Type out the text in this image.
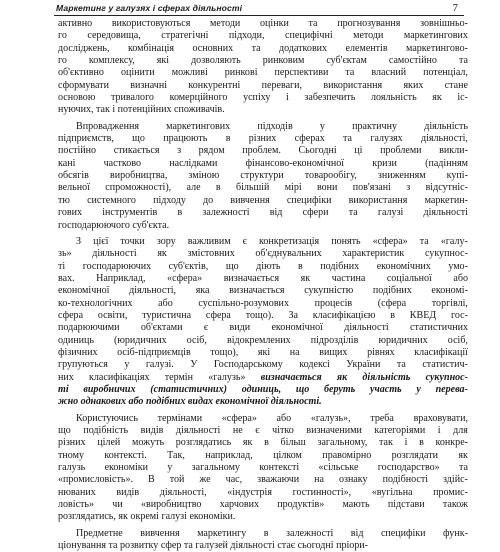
Маркетинг у галузях і сферах діяльності	7
активно використовуються методи оцінки та прогнозування зовнішньо-
го середовища, стратегічні підходи, специфічні методи маркетингових
досліджень, комбінація основних та додаткових елементів маркетингово-
го комплексу, які дозволяють ринковим суб'єктам самостійно та
об'єктивно оцінити можливі ринкові перспективи та власний потенціал,
сформувати визначні конкурентні переваги, використання яких стане
основою тривалого комерційного успіху і забезпечить лояльність як іс-
нуючих, так і потенційних споживачів.
Впровадження	маркетингових	підходів	у	практичну	діяльність
підприємств, що працюють в різних сферах та галузях діяльності,
постійно стикається з рядом проблем. Сьогодні ці проблеми викли-
кані	частково	наслідками	фінансово-економічної	кризи	(падінням
обсягів виробництва, зміною структури товарообігу, зниженням купі-
вельної спроможності), але в більшій мірі вони пов'язані з відсутніс-
тю системного підходу до вивчення специфіки використання маркетин-
гових інструментів в залежності від сфери та галузі діяльності
господарюючого суб'єкта.
З цієї точки зору важливим є конкретизація понять «сфера» та «галу-
зь» діяльності як змістовних об'єднувальних характеристик сукупнос-
ті господарюючих суб'єктів, що діють в подібних економічних умо-
вах. Наприклад, «сфера» визначається як частина соціальної або
економічної діяльності, яка визначається сукупністю подібних економі-
ко-технологічних	або	суспільно-розумових	процесів	(сфера	торгівлі,
сфера освіти, туристична сфера тощо). За класифікацією в КВЕД гос-
подарюючими об'єктами є види економічної діяльності статистичних
одиниць (юридичних осіб, відокремлених підрозділів юридичних осіб,
фізичних осіб-підприємців тощо), які на вищих рівнях класифікації
групуються у галузі. У Господарському кодексі України та статистич-
них класифікаціях термін «галузь» визначається як діяльність сукупнос-
ті виробничих (статистичних) одиниць, що беруть участь у перева-
жно однакових або подібних видах економічної діяльності.
Користуючись термінами «сфера» або «галузь», треба враховувати,
що подібність видів діяльності не є чітко визначеними категоріями і для
різних цілей можуть розглядатись як в більш загальному, так і в конкре-
тному контексті. Так, наприклад, цілком правомірно розглядати як
галузь економіки у загальному контексті «сільське господарство» та
«промисловість». В той же час, зважаючи на ознаку подібності здійс-
нюваних видів діяльності, «індустрія гостинності», «вугільна промис-
ловість» чи «виробництво харчових продуктів» мають підстави також
розглядатись, як окремі галузі економіки.
Предметне вивчення маркетингу в залежності від специфіки функ-
ціонування та розвитку сфер та галузей діяльності стає сьогодні пріори-
